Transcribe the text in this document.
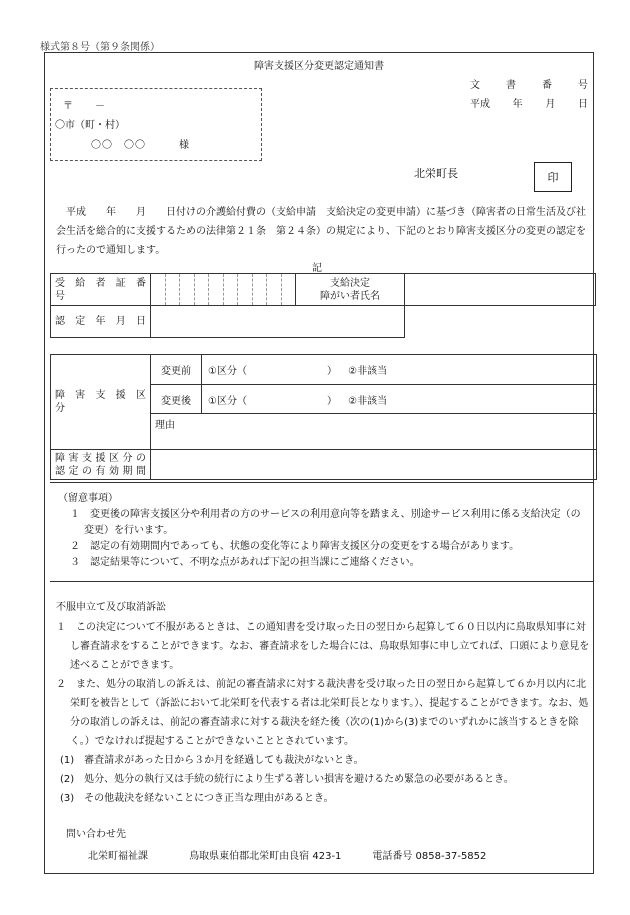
様式第８号（第９条関係）
障害支援区分変更認定通知書
文	書	番	号
平成 年 月 日
〒 －
〇市（町・村）
〇〇　〇〇	様
北栄町長	印
平成　　年　　月　　日付けの介護給付費の（支給申請　支給決定の変更申請）に基づき（障害者の日常生活及び社会生活を総合的に支援するための法律第２１条　第２４条）の規定により、下記のとおり障害支援区分の変更の認定を行ったので通知します。
記
受　給　者　証　番　号		支給決定
障がい者氏名	

認　定　年　月　日			

障　害　支　援　区　分	変更前	①区分（　　　　　　　　） ②非該当
	変更後	①区分（　　　　　　　　） ②非該当
	理由	

障害支援区分の
認定の有効期間		

（留意事項）
１　変更後の障害支援区分や利用者の方のサービスの利用意向等を踏まえ、別途サービス利用に係る支給決定（の変更）を行います。
２　認定の有効期間内であっても、状態の変化等により障害支援区分の変更をする場合があります。
３　認定結果等について、不明な点があれば下記の担当課にご連絡ください。

不服申立て及び取消訴訟

１　この決定について不服があるときは、この通知書を受け取った日の翌日から起算して６０日以内に鳥取県知事に対し審査請求をすることができます。なお、審査請求をした場合には、鳥取県知事に申し立てれば、口頭により意見を述べることができます。

２　また、処分の取消しの訴えは、前記の審査請求に対する裁決書を受け取った日の翌日から起算して６か月以内に北栄町を被告として（訴訟において北栄町を代表する者は北栄町長となります。）、提起することができます。なお、処分の取消しの訴えは、前記の審査請求に対する裁決を経た後（次の(1)から(3)までのいずれかに該当するときを除く。）でなければ提起することができないこととされています。

(1)　審査請求があった日から３か月を経過しても裁決がないとき。

(2)　処分、処分の執行又は手続の続行により生ずる著しい損害を避けるため緊急の必要があるとき。

(3)　その他裁決を経ないことにつき正当な理由があるとき。

問い合わせ先
北栄町福祉課	鳥取県東伯郡北栄町由良宿 423-1	電話番号 0858-37-5852
